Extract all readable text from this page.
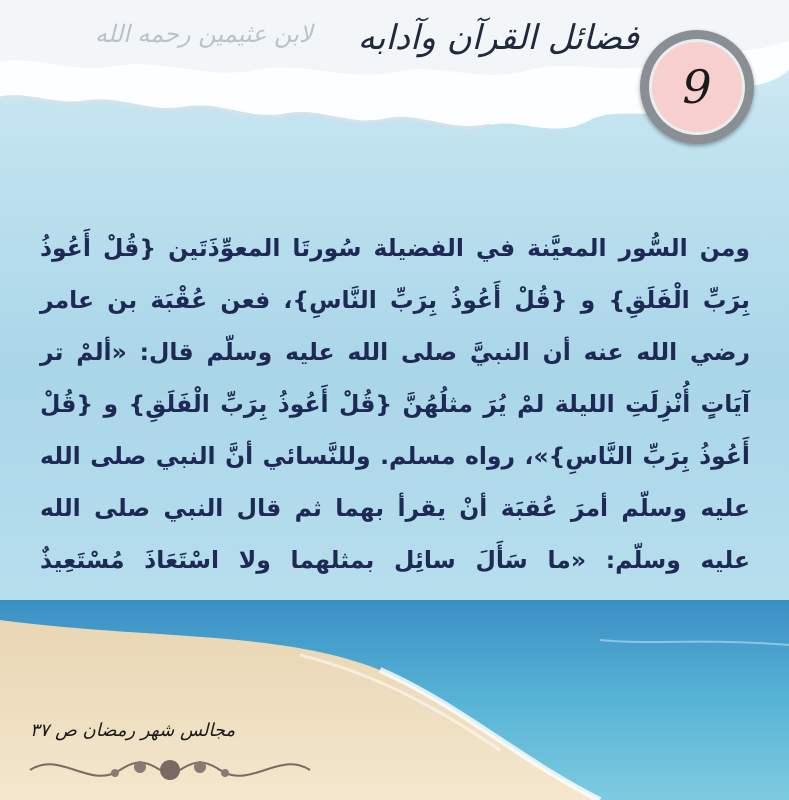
لابن عثيمين رحمه الله فضائل القرآن وآدابه
9

ومن السُّور المعيَّنة في الفضيلة سُورتَا المعوِّذَتَين {قُلْ أَعُوذُ بِرَبِّ الْفَلَقِ} و {قُلْ أَعُوذُ بِرَبِّ النَّاسِ}، فعن عُقْبَة بن عامر رضي الله عنه أن النبيَّ صلى الله عليه وسلّم قال: «ألمْ تر آيَاتٍ أُنْزِلَتِ الليلة لمْ يُرَ مثلُهُنَّ {قُلْ أَعُوذُ بِرَبِّ الْفَلَقِ} و {قُلْ أَعُوذُ بِرَبِّ النَّاسِ}»، رواه مسلم. وللنَّسائي أنَّ النبي صلى الله عليه وسلّم أمرَ عُقبَة أنْ يقرأ بهما ثم قال النبي صلى الله عليه وسلّم: «ما سَأَلَ سائِل بمثلهما ولا اسْتَعَاذَ مُسْتَعِيذٌ

مجالس شهر رمضان ص ٣٧
